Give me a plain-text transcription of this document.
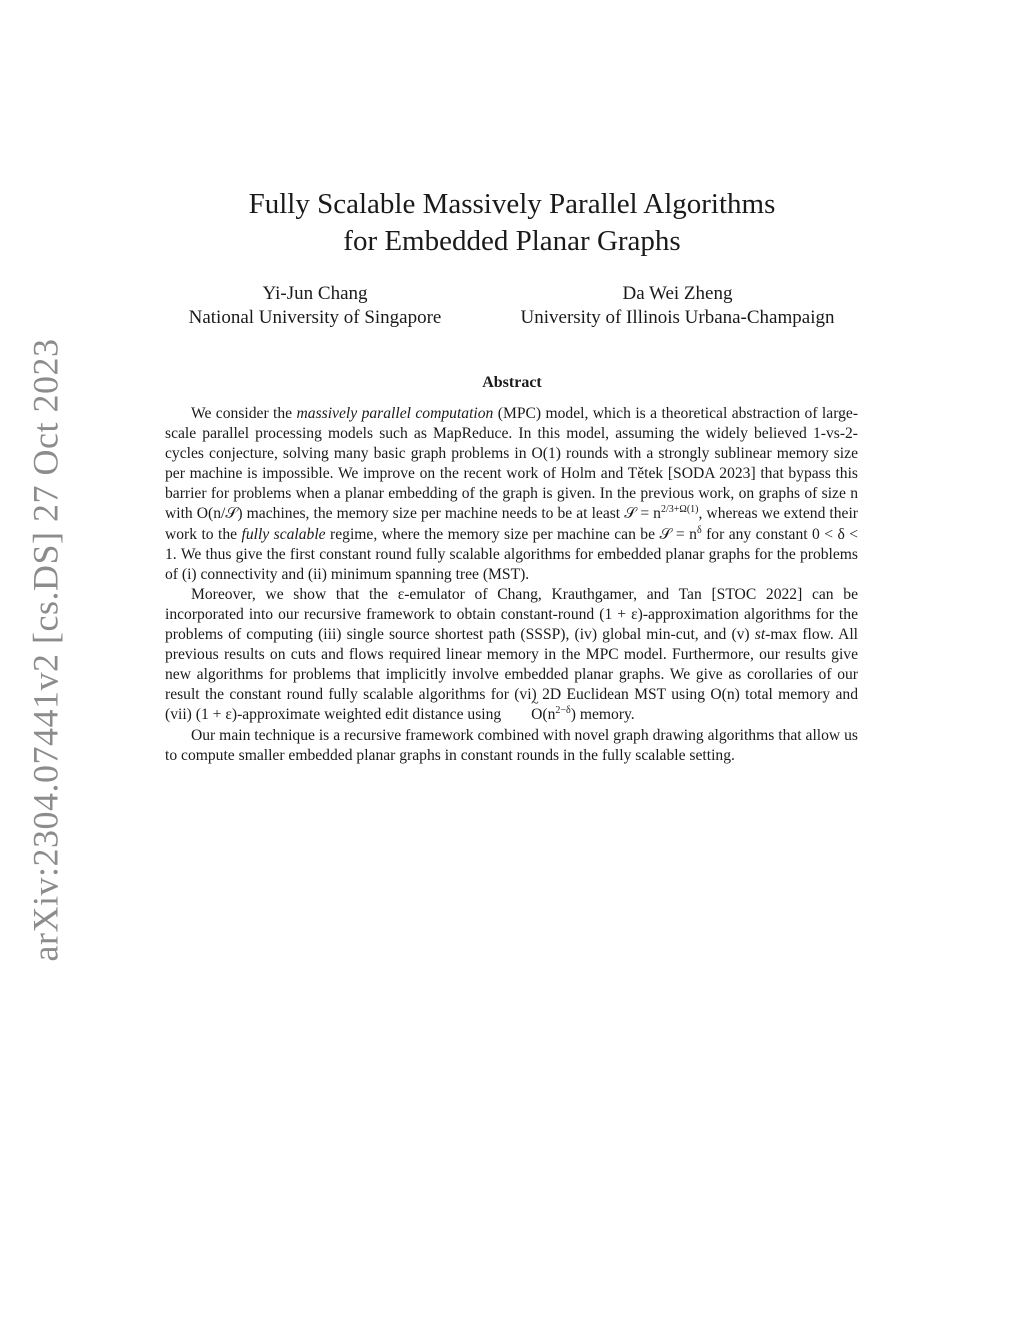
arXiv:2304.07441v2 [cs.DS] 27 Oct 2023
Fully Scalable Massively Parallel Algorithms
for Embedded Planar Graphs
Yi-Jun Chang
National University of Singapore
Da Wei Zheng
University of Illinois Urbana-Champaign
Abstract

We consider the massively parallel computation (MPC) model, which is a theoretical abstraction of large-scale parallel processing models such as MapReduce. In this model, assuming the widely believed 1-vs-2-cycles conjecture, solving many basic graph problems in O(1) rounds with a strongly sublinear memory size per machine is impossible. We improve on the recent work of Holm and Tětek [SODA 2023] that bypass this barrier for problems when a planar embedding of the graph is given. In the previous work, on graphs of size n with O(n/𝒮) machines, the memory size per machine needs to be at least 𝒮 = $n^{2/3+\Omega(1)}$, whereas we extend their work to the fully scalable regime, where the memory size per machine can be 𝒮 = $n^\delta$ for any constant 0 < δ < 1. We thus give the first constant round fully scalable algorithms for embedded planar graphs for the problems of (i) connectivity and (ii) minimum spanning tree (MST).

Moreover, we show that the ε-emulator of Chang, Krauthgamer, and Tan [STOC 2022] can be incorporated into our recursive framework to obtain constant-round (1 + ε)-approximation algorithms for the problems of computing (iii) single source shortest path (SSSP), (iv) global min-cut, and (v) st-max flow. All previous results on cuts and flows required linear memory in the MPC model. Furthermore, our results give new algorithms for problems that implicitly involve embedded planar graphs. We give as corollaries of our result the constant round fully scalable algorithms for (vi) 2D Euclidean MST using O(n) total memory and (vii) (1 + ε)-approximate weighted edit distance using ~ $O(n^{2-\delta})$ memory.

Our main technique is a recursive framework combined with novel graph drawing algorithms that allow us to compute smaller embedded planar graphs in constant rounds in the fully scalable setting.
